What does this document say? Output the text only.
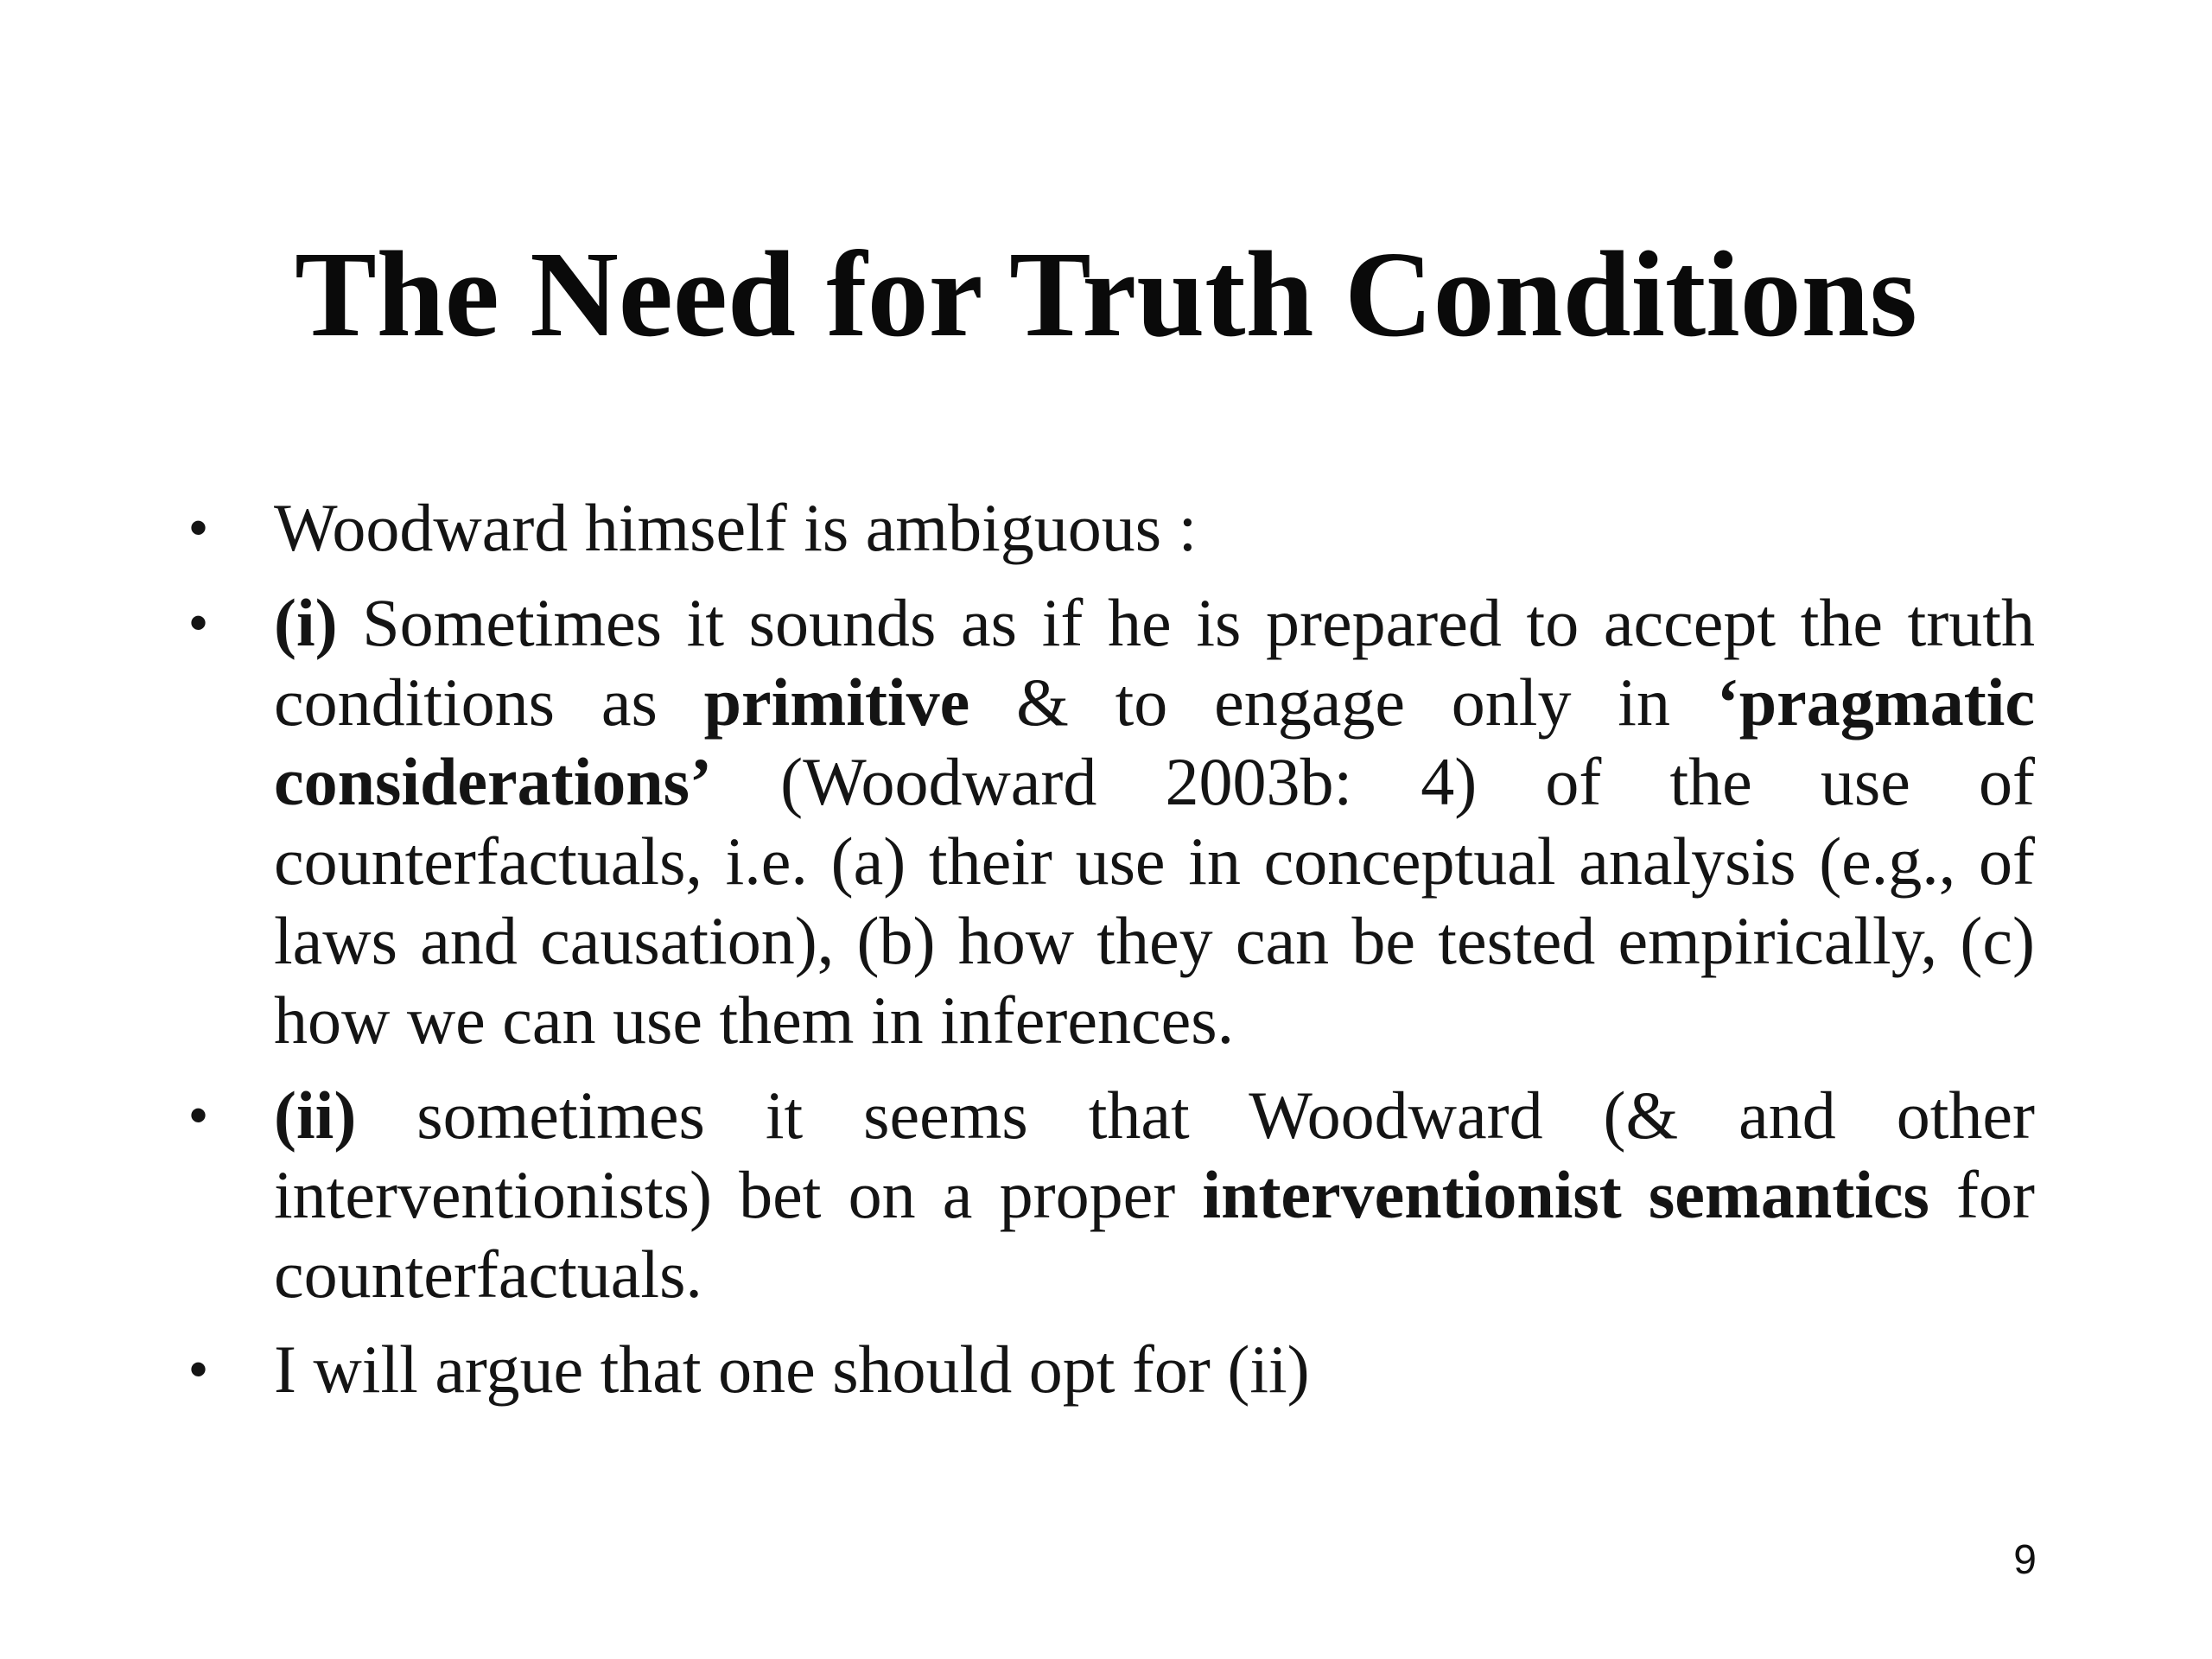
The Need for Truth Conditions
• Woodward himself is ambiguous :
• (i) Sometimes it sounds as if he is prepared to accept the truth conditions as primitive & to engage only in ‘pragmatic considerations’ (Woodward 2003b: 4) of the use of counterfactuals, i.e. (a) their use in conceptual analysis (e.g., of laws and causation), (b) how they can be tested empirically, (c) how we can use them in inferences.
• (ii) sometimes it seems that Woodward (& and other interventionists) bet on a proper interventionist semantics for counterfactuals.
• I will argue that one should opt for (ii)
9
